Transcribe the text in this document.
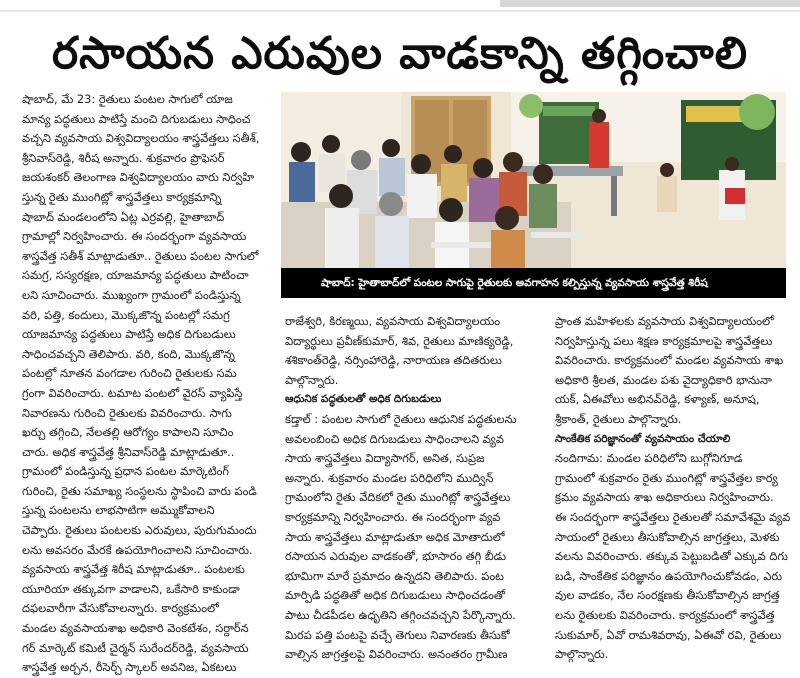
రసాయన ఎరువుల వాడకాన్ని తగ్గించాలి

షాబాద్, మే 23: రైతులు పంటల సాగులో యాజ

మాన్య పద్ధతులు పాటిస్తే మంచి దిగుబడులు సాధించ

వచ్చని వ్యవసాయ విశ్వవిద్యాలయం శాస్త్రవేత్తలు సతీశ్,

శ్రీనివాస్‌రెడ్డి, శిరీష అన్నారు. శుక్రవారం ప్రొఫెసర్

జయశంకర్ తెలంగాణ విశ్వవిద్యాలయం వారు నిర్వహి

స్తున్న రైతు ముంగిట్లో శాస్త్రవేత్తలు కార్యక్రమాన్ని

షాబాద్ మండలంలోని ఏట్ల ఎర్రవల్లి, హైతాబాద్

గ్రామాల్లో నిర్వహించారు. ఈ సందర్భంగా వ్యవసాయ

శాస్త్రవేత్త సతీశ్ మాట్లాడుతూ.. రైతులు పంటల సాగులో

సమగ్ర, సస్యరక్షణ, యాజమాన్య పద్ధతులు పాటించా

లని సూచించారు. ముఖ్యంగా గ్రామంలో పండిస్తున్న

వరి, పత్తి, కందులు, మొక్కజొన్న పంటల్లో సమగ్ర

యాజమాన్య పద్ధతులు పాటిస్తే అధిక దిగుబడులు

సాధించవచ్చని తెలిపారు. వరి, కంది, మొక్కజొన్న

పంటల్లో నూతన వంగడాల గురించి రైతులకు సమ

గ్రంగా వివరించారు. టమాట పంటలో వైరస్ వ్యాపిస్తే

నివారణను గురించి రైతులకు వివరించారు. సాగు

ఖర్చు తగ్గించి, నేలతల్లి ఆరోగ్యం కాపాలని సూచిం

చారు. అధిక శాస్త్రవేత్త శ్రీనివాస్‌రెడ్డి మాట్లాడుతూ..

గ్రామంలో పండిస్తున్న ప్రధాన పంటల మార్కెటింగ్

గురించి, రైతు సమాఖ్య సంస్థలను స్థాపించి వారు పండి

స్తున్న పంటలను లాభసాటిగా అమ్ముకోవాలని

చెప్పారు. రైతులు పంటలకు ఎరువులు, పురుగుమందు

లను అవసరం మేరకే ఉపయోగించాలని సూచించారు.

వ్యవసాయ శాస్త్రవేత్త శిరీష మాట్లాడుతూ.. పంటలకు

యూరియా తక్కువగా వాడాలని, ఒకేసారి కాకుండా

దఫలవారీగా వేసుకోవాలన్నారు. కార్యక్రమంలో

మండల వ్యవసాయశాఖ అధికారి వెంకటేశం, సర్దార్‌న

గర్ మార్కెట్ కమిటీ చైర్మన్ సురేందర్‌రెడ్డి, వ్యవసాయ

శాస్త్రవేత్త అర్చన, రీసెర్చ్ స్కాలర్ అవనిజ, ఏకటలు

షాబాద్: హైతాబాద్‌లో పంటల సాగుపై రైతులకు అవగాహన కల్పిస్తున్న వ్యవసాయ శాస్త్రవేత్త శిరీష

రాజేశ్వరి, కిరణ్మయి, వ్యవసాయ విశ్వవిద్యాలయం

విద్యార్థులు ప్రవీణ్‌కుమార్, శివ, రైతులు మాణిక్యరెడ్డి,

శశికాంత్‌రెడ్డి, నర్సింహారెడ్డి, నారాయణ తదితరులు

పాల్గొన్నారు.

ఆధునిక పద్ధతులతో అధిక దిగుబడులు

కడ్తాల్ : పంటల సాగులో రైతులు ఆధునిక పద్ధతులను

అవలంబించి అధిక దిగుబడులు సాధించాలని వ్యవ

సాయ శాస్త్రవేత్తలు విద్యాసాగర్, అనిత, సుప్రజ

అన్నారు. శుక్రవారం మండల పరిధిలోని ముద్విన్

గ్రామంలోని రైతు వేదికలో రైతు ముంగిట్లో శాస్త్రవేత్తలు

కార్యక్రమాన్ని నిర్వహించారు. ఈ సందర్భంగా వ్యవ

సాయ శాస్త్రవేత్తలు మాట్లాడుతూ అధిక మోతాదులో

రసాయన ఎరువుల వాడకంతో, భూసారం తగ్గి బీడు

భూమిగా మారే ప్రమాదం ఉన్నదని తెలిపారు. పంట

మార్పిడి పద్ధతితో అధిక దిగుబడులు సాధించడంతో

పాటు చీడపీడల ఉధృతిని తగ్గించవచ్చని పేర్కొన్నారు.

మిరప పత్తి పంటపై వచ్చే తెగులు నివారణకు తీసుకో

వాల్సిన జాగ్రత్తలపై వివరించారు. అనంతరం గ్రామీణ

ప్రాంత మహిళలకు వ్యవసాయ విశ్వవిద్యాలయంలో

నిర్వహిస్తున్న పలు శిక్షణ కార్యక్రమాలపై శాస్త్రవేత్తలు

వివరించారు. కార్యక్రమంలో మండల వ్యవసాయ శాఖ

అధికారి శ్రీలత, మండల పశు వైద్యాధికారి భానునా

యక్, ఏఈవోలు అభినవ్‌రెడ్డి, కళ్యాణ్, అనూష,

శ్రీకాంత్, రైతులు పాల్గొన్నారు.

సాంకేతిక పరిజ్ఞానంతో వ్యవసాయం చేయాలి

నందిగామ: మండల పరిధిలోని బుగ్గోనిగూడ

గ్రామంలో శుక్రవారం రైతు ముంగిట్లో శాస్త్రవేత్తల కార్య

క్రమం వ్యవసాయ శాఖ అధికారులు నిర్వహించారు.

ఈ సందర్భంగా శాస్త్రవేత్తలు రైతులతో సమావేశమై వ్యవ

సాయంలో రైతులు తీసుకోవాల్సిన జాగ్రత్తలు, మెళకు

వలను వివరించారు. తక్కువ పెట్టుబడితో ఎక్కువ దిగు

బడి, సాంకేతిక పరిజ్ఞానం ఉపయోగించుకోవడం, ఎరు

వుల వాడకం, నేల సంరక్షణకు తీసుకోవాల్సిన జాగ్రత్త

లను రైతులకు వివరించారు. కార్యక్రమంలో శాస్త్రవేత్త

సుకుమార్, ఏవో రామశివరావు, ఏఈవో రవి, రైతులు

పాల్గొన్నారు.
